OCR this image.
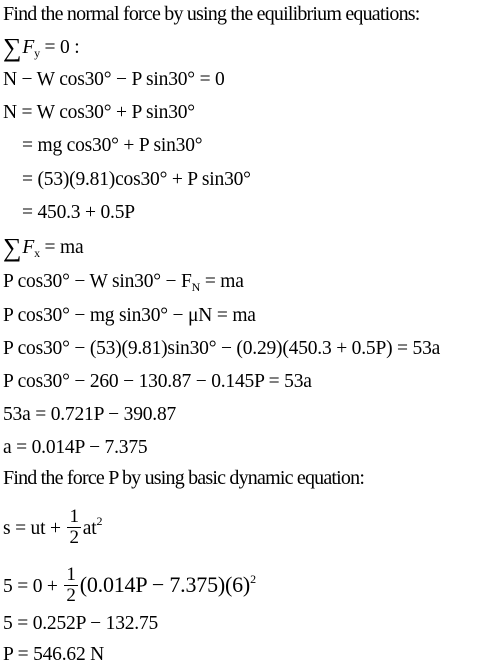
Find the normal force by using the equilibrium equations:
$\sum F_y = 0$ :
N − W cos30° − P sin30° = 0
N = W cos30° + P sin30°
= mg cos30° + P sin30°
= (53)(9.81)cos30° + P sin30°
= 450.3 + 0.5P
$\sum F_x$ = ma
P cos30° − W $\sin 30^\circ - F_N$ = ma
P cos30° − mg sin30° − μN = ma
P cos30° − (53)(9.81)sin30° − (0.29)(450.3 + 0.5P) = 53a
P cos30° − 260 − 130.87 − 0.145P = 53a
53a = 0.721P − 390.87
a = 0.014P − 7.375
Find the force P by using basic dynamic equation:
s = ut + $\frac{1}{2} at^2$
$5 = 0 + \frac{1}{2} (0.014P - 7.375)(6)^2$
5 = 0.252P − 132.75
P = 546.62 N
